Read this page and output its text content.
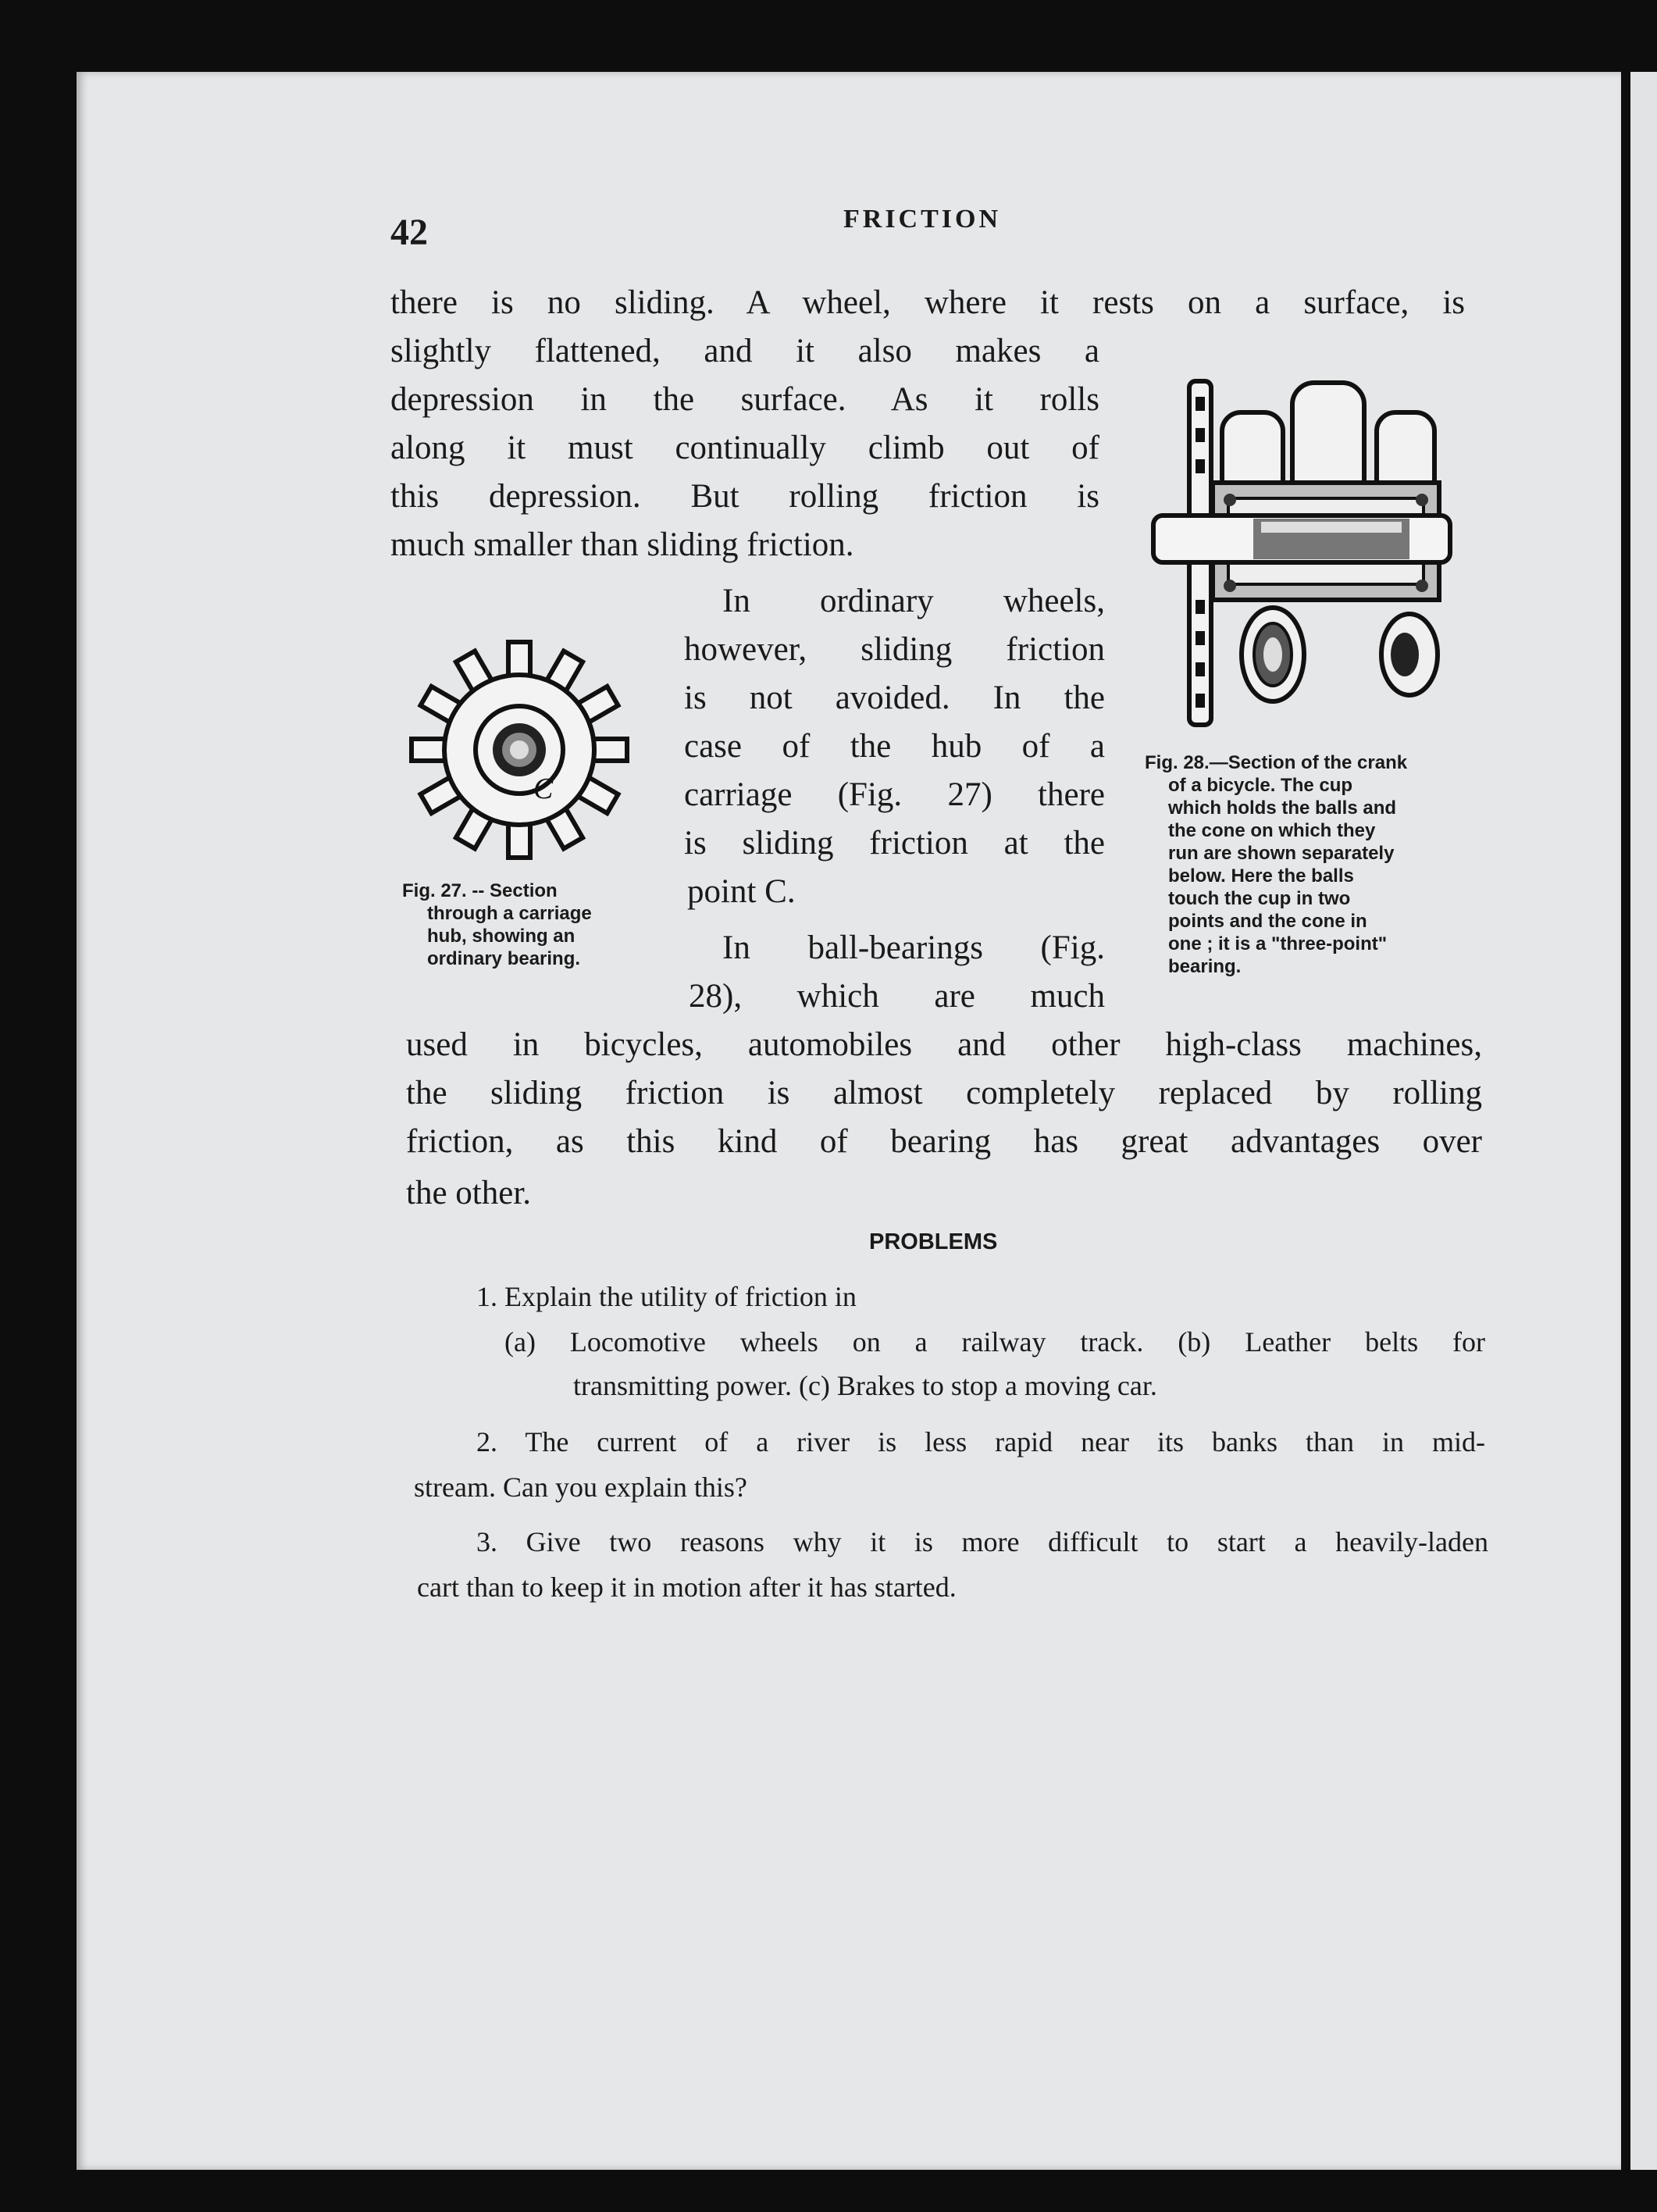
42	FRICTION
there is no sliding. A wheel, where it rests on a surface, is
slightly flattened, and it also makes a
depression in the surface. As it rolls
along it must continually climb out of
this depression. But rolling friction is
much smaller than sliding friction.
In ordinary wheels,
however, sliding friction
is not avoided. In the
case of the hub of a
carriage (Fig. 27) there
is sliding friction at the
point C.
In ball-bearings (Fig.
28), which are much
used in bicycles, automobiles and other high-class machines,
the sliding friction is almost completely replaced by rolling
friction, as this kind of bearing has great advantages over
the other.
C
Fig. 27. -- Section
through a carriage
hub, showing an
ordinary bearing.
Fig. 28.—Section of the crank
of a bicycle. The cup
which holds the balls and
the cone on which they
run are shown separately
below. Here the balls
touch the cup in two
points and the cone in
one ; it is a "three-point"
bearing.
PROBLEMS
1. Explain the utility of friction in
(a) Locomotive wheels on a railway track. (b) Leather belts for
transmitting power. (c) Brakes to stop a moving car.
2. The current of a river is less rapid near its banks than in mid-
stream. Can you explain this?
3. Give two reasons why it is more difficult to start a heavily-laden
cart than to keep it in motion after it has started.
